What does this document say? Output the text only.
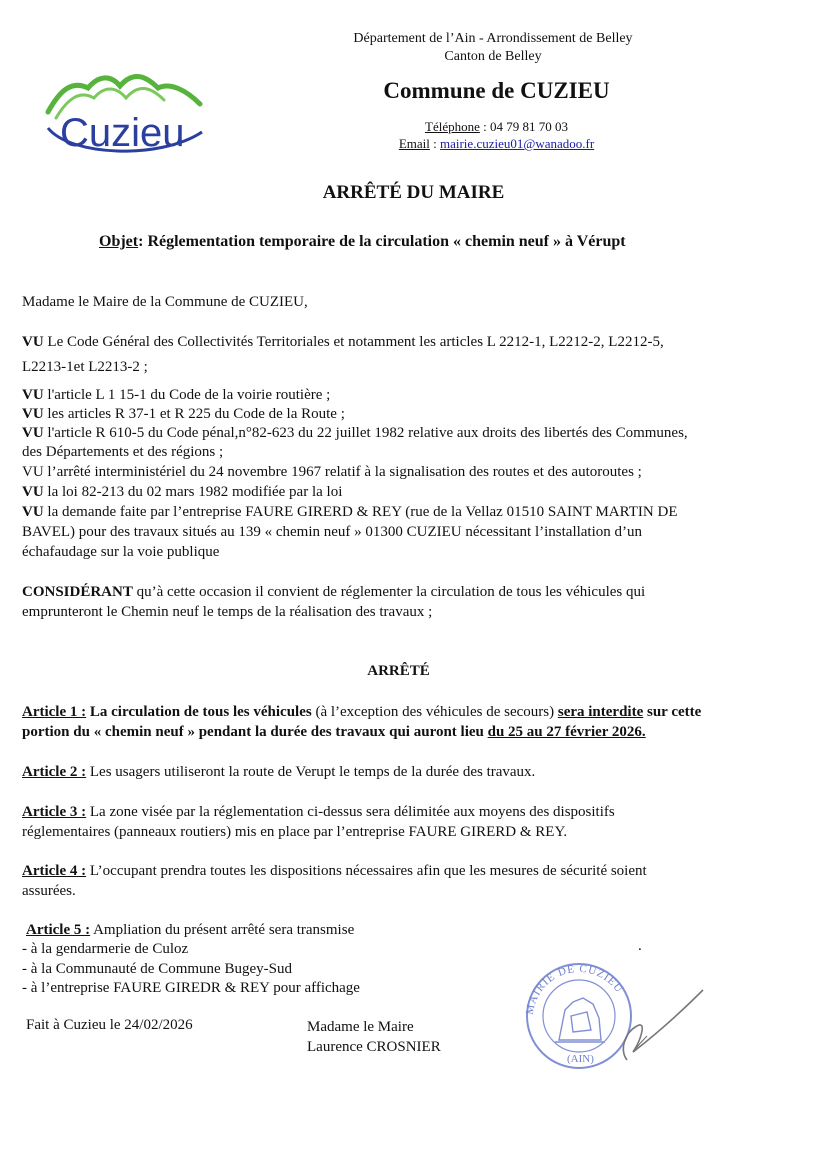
Département de l’Ain - Arrondissement de Belley
Canton de Belley
Commune de CUZIEU
Téléphone : 04 79 81 70 03
Email : mairie.cuzieu01@wanadoo.fr
Cuzieu
ARRÊTÉ DU MAIRE
Objet: Réglementation temporaire de la circulation « chemin neuf » à Vérupt
Madame le Maire de la Commune de CUZIEU,
VU Le Code Général des Collectivités Territoriales et notamment les articles L 2212-1, L2212-2, L2212-5,
L2213-1et L2213-2 ;
VU l'article L 1 15-1 du Code de la voirie routière ;
VU les articles R 37-1 et R 225 du Code de la Route ;
VU l'article R 610-5 du Code pénal,n°82-623 du 22 juillet 1982 relative aux droits des libertés des Communes,
des Départements et des régions ;
VU l’arrêté interministériel du 24 novembre 1967 relatif à la signalisation des routes et des autoroutes ;
VU la loi 82-213 du 02 mars 1982 modifiée par la loi
VU la demande faite par l’entreprise FAURE GIRERD & REY (rue de la Vellaz 01510 SAINT MARTIN DE
BAVEL) pour des travaux situés au 139 « chemin neuf » 01300 CUZIEU nécessitant l’installation d’un
échafaudage sur la voie publique
CONSIDÉRANT qu’à cette occasion il convient de réglementer la circulation de tous les véhicules qui
emprunteront le Chemin neuf le temps de la réalisation des travaux ;
ARRÊTÉ
Article 1 : La circulation de tous les véhicules (à l’exception des véhicules de secours) sera interdite sur cette
portion du « chemin neuf » pendant la durée des travaux qui auront lieu du 25 au 27 février 2026.
Article 2 : Les usagers utiliseront la route de Verupt le temps de la durée des travaux.
Article 3 : La zone visée par la réglementation ci-dessus sera délimitée aux moyens des dispositifs
réglementaires (panneaux routiers) mis en place par l’entreprise FAURE GIRERD & REY.
Article 4 : L’occupant prendra toutes les dispositions nécessaires afin que les mesures de sécurité soient
assurées.
Article 5 : Ampliation du présent arrêté sera transmise
- à la gendarmerie de Culoz
- à la Communauté de Commune Bugey-Sud
- à l’entreprise FAURE GIREDR & REY pour affichage
.
Fait à Cuzieu le 24/02/2026	Madame le Maire
Laurence CROSNIER
MAIRIE DE CUZIEU
(AIN)
